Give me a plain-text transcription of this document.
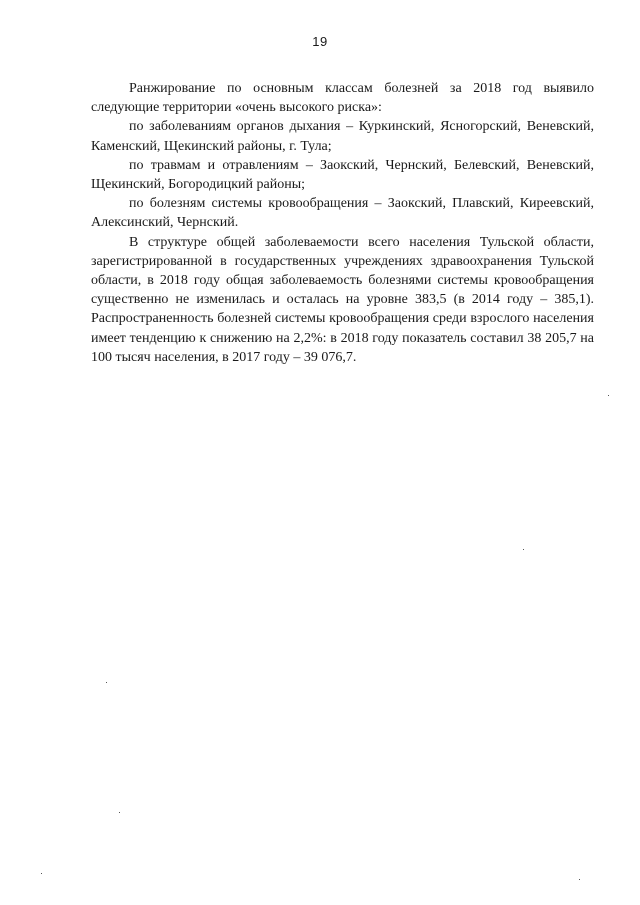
19

Ранжирование по основным классам болезней за 2018 год выявило следующие территории «очень высокого риска»:

по заболеваниям органов дыхания – Куркинский, Ясногорский, Веневский, Каменский, Щекинский районы, г. Тула;

по травмам и отравлениям – Заокский, Чернский, Белевский, Веневский, Щекинский, Богородицкий районы;

по болезням системы кровообращения – Заокский, Плавский, Киреевский, Алексинский, Чернский.

В структуре общей заболеваемости всего населения Тульской области, зарегистрированной в государственных учреждениях здравоохранения Тульской области, в 2018 году общая заболеваемость болезнями системы кровообращения существенно не изменилась и осталась на уровне 383,5 (в 2014 году – 385,1). Распространенность болезней системы кровообращения среди взрослого населения имеет тенденцию к снижению на 2,2%: в 2018 году показатель составил 38 205,7 на 100 тысяч населения, в 2017 году – 39 076,7.
